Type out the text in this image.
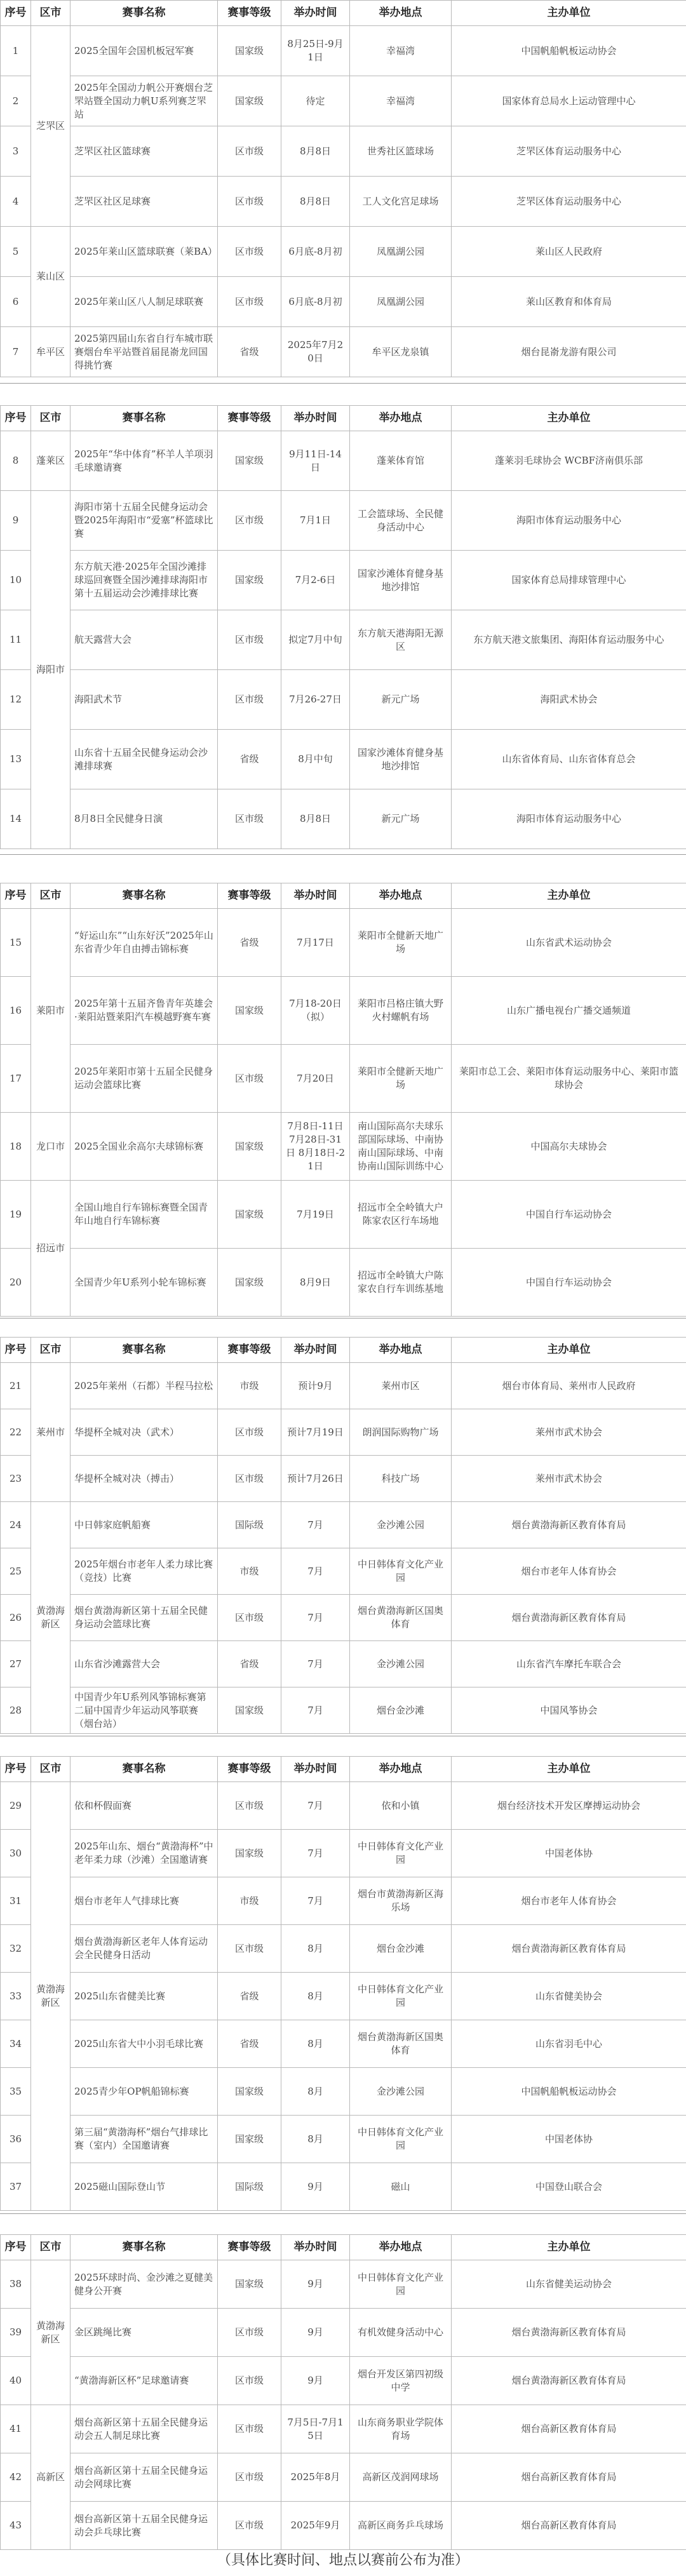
序号	区市	赛事名称	赛事等级	举办时间	举办地点	主办单位
1	芝罘区	2025全国年会国机板冠军赛	国家级	8月25日-9月1日	幸福湾	中国帆船帆板运动协会
2		2025年全国动力帆公开赛烟台芝罘站暨全国动力帆U系列赛芝罘站	国家级	待定	幸福湾	国家体育总局水上运动管理中心
3		芝罘区社区篮球赛	区市级	8月8日	世秀社区篮球场	芝罘区体育运动服务中心
4		芝罘区社区足球赛	区市级	8月8日	工人文化宫足球场	芝罘区体育运动服务中心
5	莱山区	2025年莱山区篮球联赛（莱BA）	区市级	6月底-8月初	凤凰湖公园	莱山区人民政府
6		2025年莱山区八人制足球联赛	区市级	6月底-8月初	凤凰湖公园	莱山区教育和体育局
7	牟平区	2025第四届山东省自行车城市联赛烟台牟平站暨首届昆嵛龙回国得挑竹赛	省级	2025年7月20日	牟平区龙泉镇	烟台昆嵛龙游有限公司
序号	区市	赛事名称	赛事等级	举办时间	举办地点	主办单位
8	蓬莱区	2025年“华中体育”杯羊人羊项羽毛球邀请赛	国家级	9月11日-14日	蓬莱体育馆	蓬莱羽毛球协会 WCBF济南俱乐部
9	海阳市	海阳市第十五届全民健身运动会暨2025年海阳市“爱塞”杯篮球比赛	区市级	7月1日	工会篮球场、全民健身活动中心	海阳市体育运动服务中心
10		东方航天港·2025年全国沙滩排球巡回赛暨全国沙滩排球海阳市第十五届运动会沙滩排球比赛	国家级	7月2-6日	国家沙滩体育健身基地沙排馆	国家体育总局排球管理中心
11		航天露营大会	区市级	拟定7月中旬	东方航天港海阳无源区	东方航天港文旅集团、海阳体育运动服务中心
12		海阳武术节	区市级	7月26-27日	新元广场	海阳武术协会
13		山东省十五届全民健身运动会沙滩排球赛	省级	8月中旬	国家沙滩体育健身基地沙排馆	山东省体育局、山东省体育总会
14		8月8日全民健身日演	区市级	8月8日	新元广场	海阳市体育运动服务中心
序号	区市	赛事名称	赛事等级	举办时间	举办地点	主办单位
15	莱阳市	“好运山东”“山东好沃”2025年山东省青少年自由搏击锦标赛	省级	7月17日	莱阳市全健新天地广场	山东省武术运动协会
16		2025年第十五届齐鲁青年英雄会·莱阳站暨莱阳汽车模越野赛车赛	国家级	7月18-20日（拟）	莱阳市吕格庄镇大野火村螺帆有场	山东广播电视台广播交通频道
17		2025年莱阳市第十五届全民健身运动会篮球比赛	区市级	7月20日	莱阳市全健新天地广场	莱阳市总工会、莱阳市体育运动服务中心、莱阳市篮球协会
18	龙口市	2025全国业余高尔夫球锦标赛	国家级	7月8日-11日 7月28日-31日 8月18日-21日	南山国际高尔夫球乐部国际球场、中南协南山国际球场、中南协南山国际训练中心	中国高尔夫球协会
19	招远市	全国山地自行车锦标赛暨全国青年山地自行车锦标赛	国家级	7月19日	招远市全全岭镇大户陈家农区行车场地	中国自行车运动协会
20		全国青少年U系列小轮车锦标赛	国家级	8月9日	招远市全岭镇大户陈家农自行车训练基地	中国自行车运动协会
序号	区市	赛事名称	赛事等级	举办时间	举办地点	主办单位
21	莱州市	2025年莱州（石都）半程马拉松	市级	预计9月	莱州市区	烟台市体育局、莱州市人民政府
22		华提杯全城对决（武术）	区市级	预计7月19日	朗润国际购物广场	莱州市武术协会
23		华提杯全城对决（搏击）	区市级	预计7月26日	科技广场	莱州市武术协会
24	黄渤海新区	中日韩家庭帆船赛	国际级	7月	金沙滩公园	烟台黄渤海新区教育体育局
25		2025年烟台市老年人柔力球比赛（竞技）比赛	市级	7月	中日韩体育文化产业园	烟台市老年人体育协会
26		烟台黄渤海新区第十五届全民健身运动会篮球比赛	区市级	7月	烟台黄渤海新区国奥体育	烟台黄渤海新区教育体育局
27		山东省沙滩露营大会	省级	7月	金沙滩公园	山东省汽车摩托车联合会
28		中国青少年U系列风筝锦标赛第二届中国青少年运动风筝联赛（烟台站）	国家级	7月	烟台金沙滩	中国风筝协会
序号	区市	赛事名称	赛事等级	举办时间	举办地点	主办单位
29	黄渤海新区	依和杯假面赛	区市级	7月	依和小镇	烟台经济技术开发区摩搏运动协会
30		2025年山东、烟台“黄渤海杯”中老年柔力球（沙滩）全国邀请赛	国家级	7月	中日韩体育文化产业园	中国老体协
31		烟台市老年人气排球比赛	市级	7月	烟台市黄渤海新区海乐场	烟台市老年人体育协会
32		烟台黄渤海新区老年人体育运动会全民健身日活动	区市级	8月	烟台金沙滩	烟台黄渤海新区教育体育局
33		2025山东省健美比赛	省级	8月	中日韩体育文化产业园	山东省健美协会
34		2025山东省大中小羽毛球比赛	省级	8月	烟台黄渤海新区国奥体育	山东省羽毛中心
35		2025青少年OP帆船锦标赛	国家级	8月	金沙滩公园	中国帆船帆板运动协会
36		第三届“黄渤海杯”烟台气排球比赛（室内）全国邀请赛	国家级	8月	中日韩体育文化产业园	中国老体协
37		2025磁山国际登山节	国际级	9月	磁山	中国登山联合会
序号	区市	赛事名称	赛事等级	举办时间	举办地点	主办单位
38	黄渤海新区	2025环球时尚、金沙滩之夏健美健身公开赛	国家级	9月	中日韩体育文化产业园	山东省健美运动协会
39		金区跳绳比赛	区市级	9月	有机效健身活动中心	烟台黄渤海新区教育体育局
40		“黄渤海新区杯”足球邀请赛	区市级	9月	烟台开发区第四初级中学	烟台黄渤海新区教育体育局
41	高新区	烟台高新区第十五届全民健身运动会五人制足球比赛	区市级	7月5日-7月15日	山东商务职业学院体育场	烟台高新区教育体育局
42		烟台高新区第十五届全民健身运动会网球比赛	区市级	2025年8月	高新区茂润网球场	烟台高新区教育体育局
43		烟台高新区第十五届全民健身运动会乒乓球比赛	区市级	2025年9月	高新区商务乒乓球场	烟台高新区教育体育局
（具体比赛时间、地点以赛前公布为准）
